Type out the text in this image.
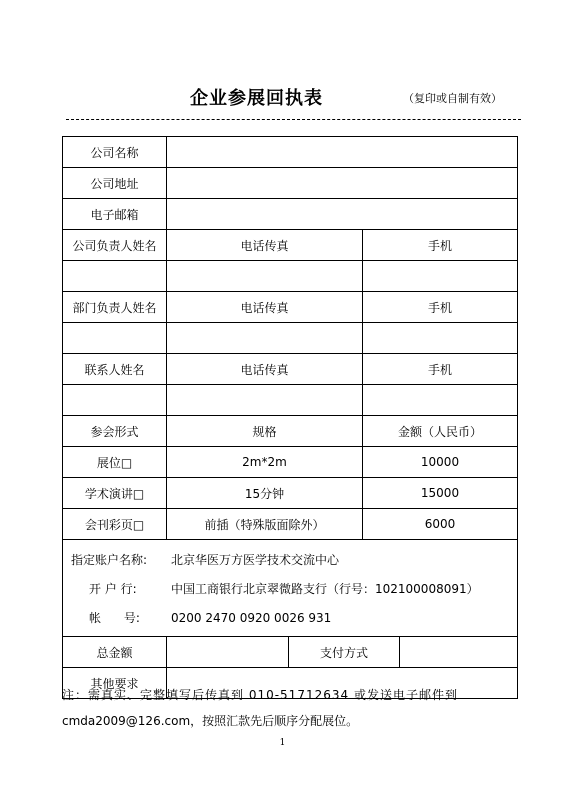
企业参展回执表	（复印或自制有效）
公司名称				
公司地址				
电子邮箱				
公司负责人姓名	电话传真		手机	

部门负责人姓名	电话传真		手机	

联系人姓名	电话传真		手机	

参会形式	规格		金额（人民币）	
展位□	2m*2m		10000	
学术演讲□	15分钟		15000	
会刊彩页□	前插（特殊版面除外）		6000	

指定账户名称: 北京华医万方医学技术交流中心
开 户 行: 中国工商银行北京翠微路支行（行号：102100008091）
帐      号: 0200 2470 0920 0026 931				

总金额		支付方式		
其他要求				
注：需真实、完整填写后传真到 010-51712634 或发送电子邮件到
cmda2009@126.com，按照汇款先后顺序分配展位。
1
